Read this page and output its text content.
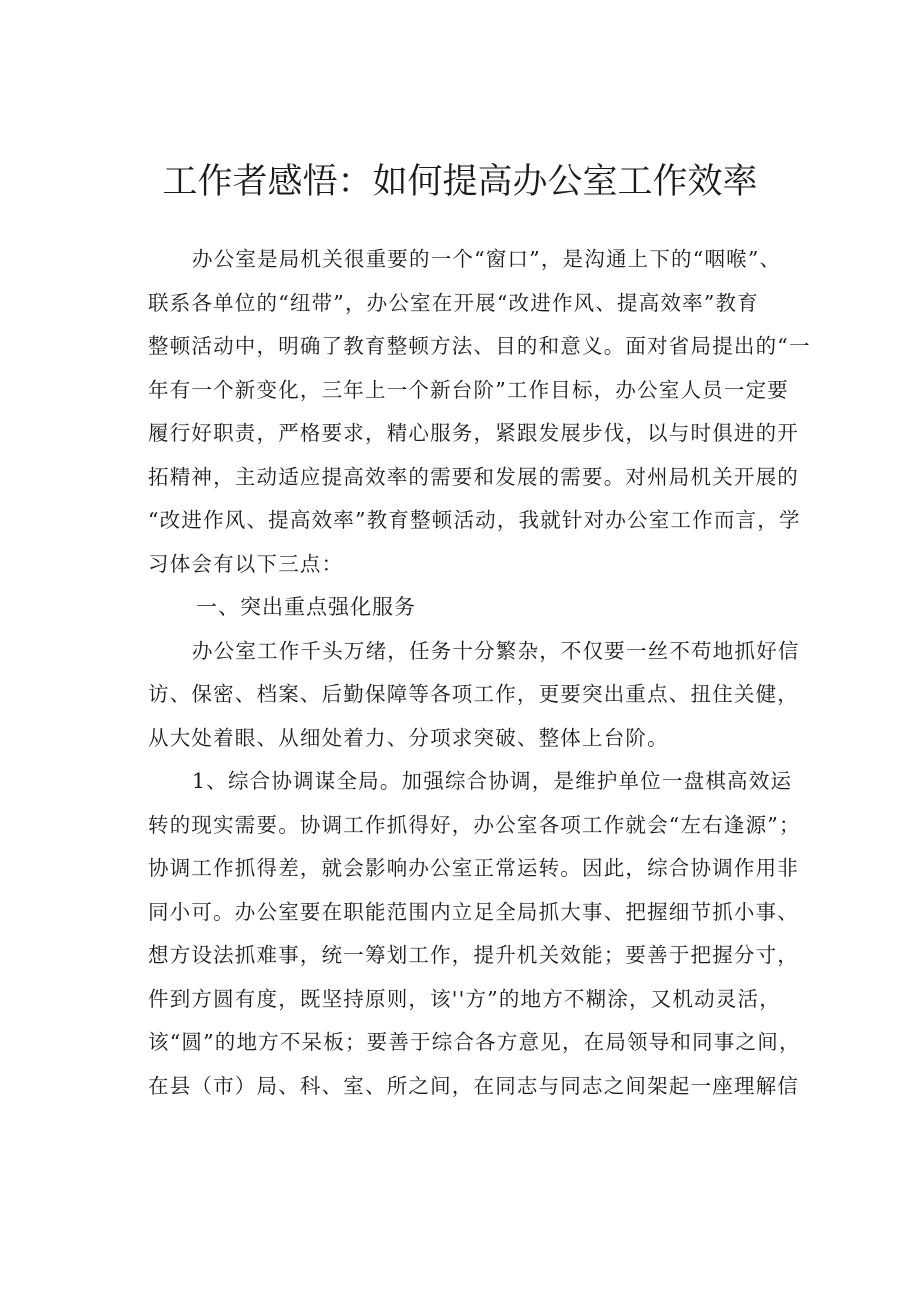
工作者感悟：如何提高办公室工作效率
办公室是局机关很重要的一个“窗口”，是沟通上下的“咽喉”、
联系各单位的“纽带”，办公室在开展“改进作风、提高效率”教育
整顿活动中，明确了教育整顿方法、目的和意义。面对省局提出的“一
年有一个新变化，三年上一个新台阶”工作目标，办公室人员一定要
履行好职责，严格要求，精心服务，紧跟发展步伐，以与时俱进的开
拓精神，主动适应提高效率的需要和发展的需要。对州局机关开展的
“改进作风、提高效率”教育整顿活动，我就针对办公室工作而言，学
习体会有以下三点：
一、突出重点强化服务
办公室工作千头万绪，任务十分繁杂，不仅要一丝不苟地抓好信
访、保密、档案、后勤保障等各项工作，更要突出重点、扭住关健，
从大处着眼、从细处着力、分项求突破、整体上台阶。
1、综合协调谋全局。加强综合协调，是维护单位一盘棋高效运
转的现实需要。协调工作抓得好，办公室各项工作就会“左右逢源”；
协调工作抓得差，就会影响办公室正常运转。因此，综合协调作用非
同小可。办公室要在职能范围内立足全局抓大事、把握细节抓小事、
想方设法抓难事，统一筹划工作，提升机关效能；要善于把握分寸，
件到方圆有度，既坚持原则，该''方”的地方不糊涂，又机动灵活，
该“圆”的地方不呆板；要善于综合各方意见，在局领导和同事之间，
在县（市）局、科、室、所之间，在同志与同志之间架起一座理解信
